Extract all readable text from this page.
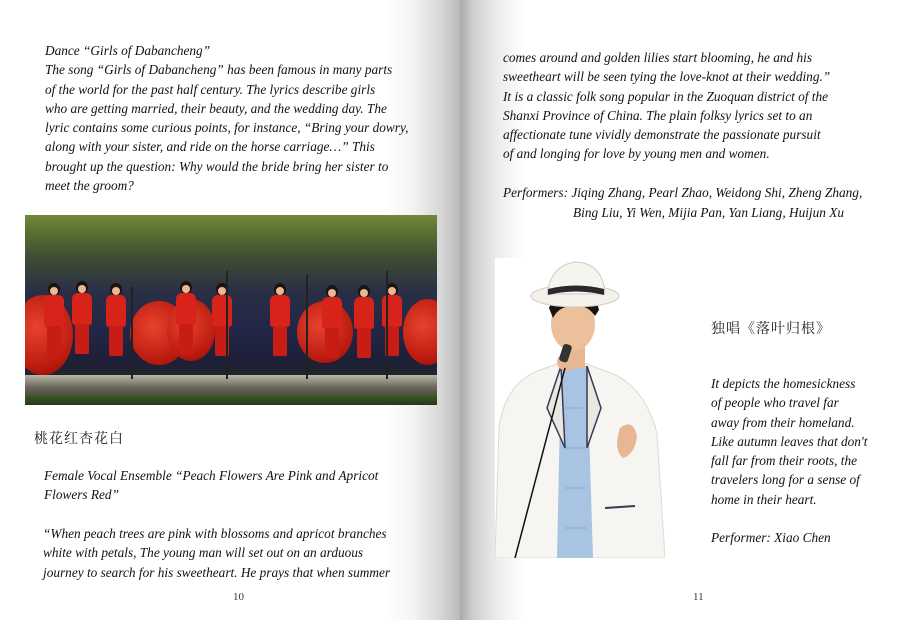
Dance “Girls of Dabancheng”

The song “Girls of Dabancheng” has been famous in many parts

of the world for the past half century. The lyrics describe girls

who are getting married, their beauty, and the wedding day. The

lyric contains some curious points, for instance, “Bring your dowry,

along with your sister, and ride on the horse carriage…” This

brought up the question: Why would the bride bring her sister to

meet the groom?

桃花红杏花白

Female Vocal Ensemble “Peach Flowers Are Pink and Apricot

Flowers Red”

“When peach trees are pink with blossoms and apricot branches

white with petals, The young man will set out on an arduous

journey to search for his sweetheart. He prays that when summer

10

comes around and golden lilies start blooming, he and his

sweetheart will be seen tying the love-knot at their wedding.”

It is a classic folk song popular in the Zuoquan district of the

Shanxi Province of China. The plain folksy lyrics set to an

affectionate tune vividly demonstrate the passionate pursuit

of and longing for love by young men and women.

Performers: Jiqing Zhang, Pearl Zhao, Weidong Shi, Zheng Zhang,
Bing Liu, Yi Wen, Mijia Pan, Yan Liang, Huijun Xu
独唱《落叶归根》

It depicts the homesickness

of people who travel far

away from their homeland.

Like autumn leaves that don't

fall far from their roots, the

travelers long for a sense of

home in their heart.

Performer: Xiao Chen
11
